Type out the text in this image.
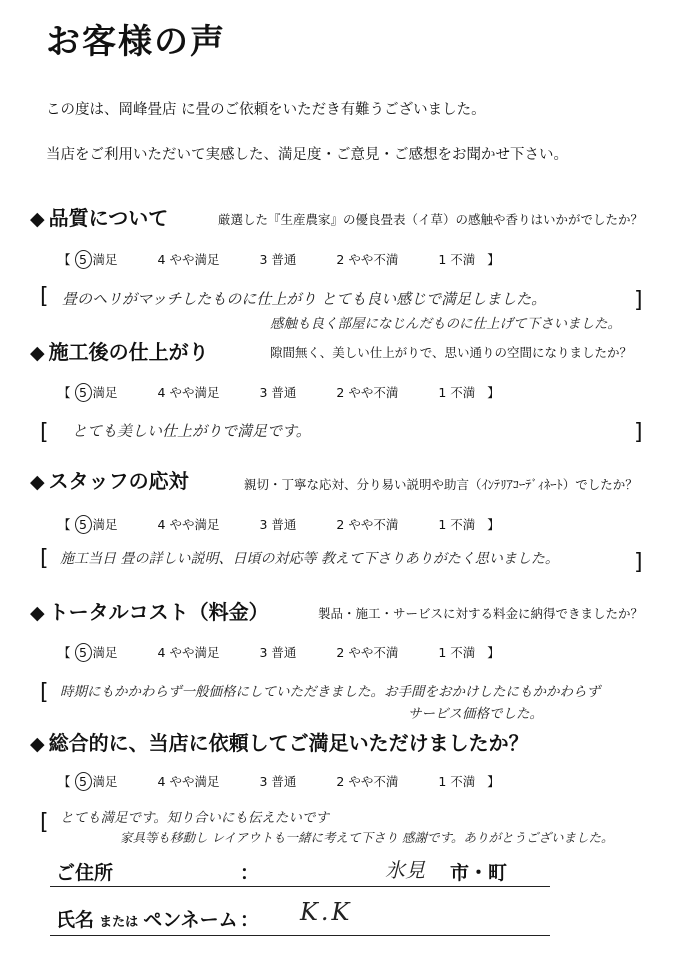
お客様の声
この度は、岡峰畳店 に畳のご依頼をいただき有難うございました。
当店をご利用いただいて実感した、満足度・ご意見・ご感想をお聞かせ下さい。
◆ 品質について	厳選した『生産農家』の優良畳表（イ草）の感触や香りはいかがでしたか？
【 5 満足	4 やや満足	3 普通	2 やや不満	1 不満 】
[ 畳のヘリがマッチしたものに仕上がり とても良い感じで満足しました。
感触も良く部屋になじんだものに仕上げて下さいました。
]
◆ 施工後の仕上がり	隙間無く、美しい仕上がりで、思い通りの空間になりましたか？
【 5 満足	4 やや満足	3 普通	2 やや不満	1 不満 】
[ とても美しい仕上がりで満足です。	]
◆ スタッフの応対	親切・丁寧な応対、分り易い説明や助言（ｲﾝﾃﾘｱｺｰﾃﾞｨﾈｰﾄ）でしたか？
【 5 満足	4 やや満足	3 普通	2 やや不満	1 不満 】
[ 施工当日 畳の詳しい説明、日頃の対応等 教えて下さりありがたく思いました。	]
◆ トータルコスト（料金）	製品・施工・サービスに対する料金に納得できましたか？
【 5 満足	4 やや満足	3 普通	2 やや不満	1 不満 】
[ 時期にもかかわらず一般価格にしていただきました。お手間をおかけしたにもかかわらず
サービス価格でした。
◆ 総合的に、当店に依頼してご満足いただけましたか？
【 5 満足	4 やや満足	3 普通	2 やや不満	1 不満 】
[ とても満足です。知り合いにも伝えたいです
家具等も移動し レイアウトも一緒に考えて下さり 感謝です。ありがとうございました。
ご住所	：	氷見 市・町
氏名 または ペンネーム ： K.K
